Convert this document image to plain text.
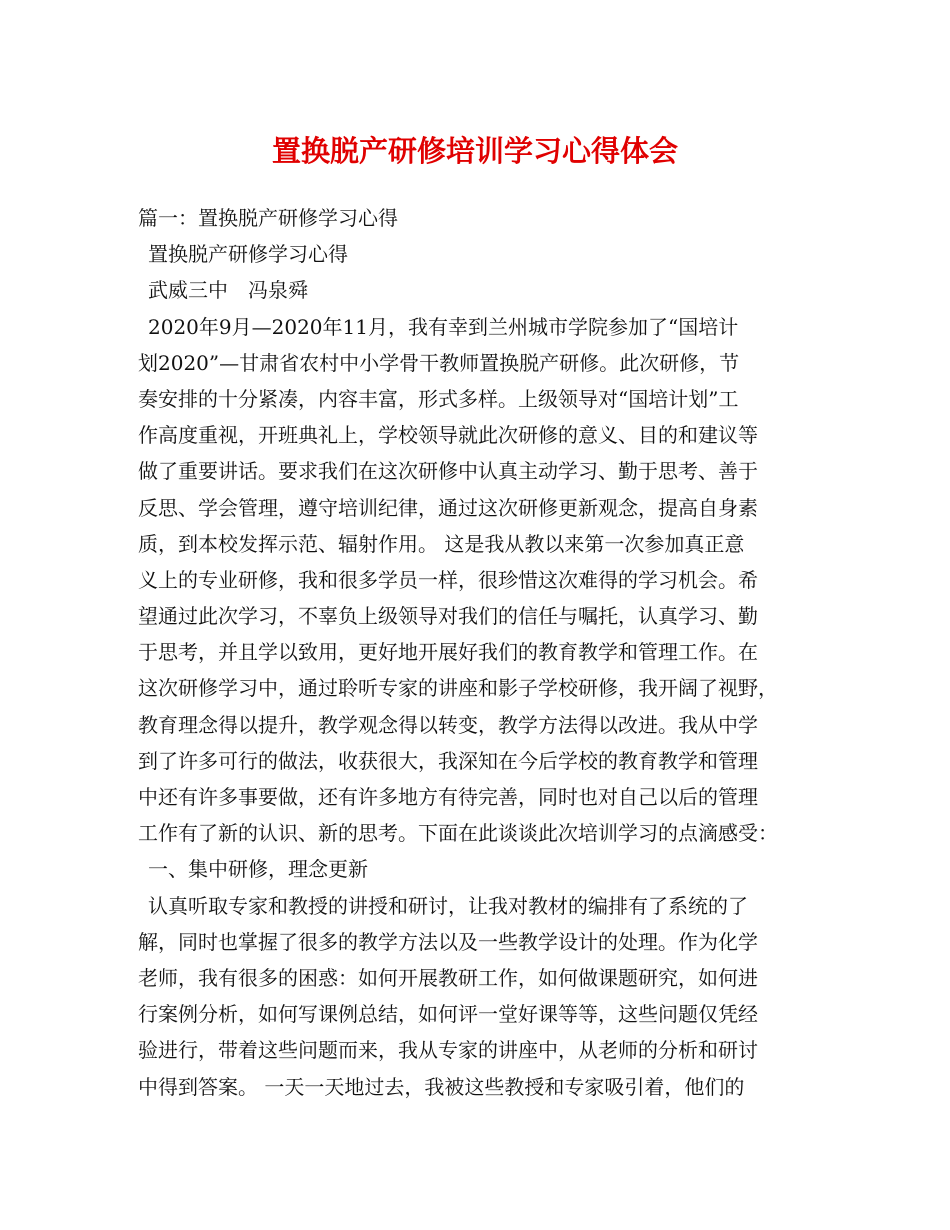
置换脱产研修培训学习心得体会

篇一：置换脱产研修学习心得

置换脱产研修学习心得

武威三中　冯泉舜

2020年9月—2020年11月，我有幸到兰州城市学院参加了“国培计

划2020”—甘肃省农村中小学骨干教师置换脱产研修。此次研修，节

奏安排的十分紧凑，内容丰富，形式多样。上级领导对“国培计划”工

作高度重视，开班典礼上，学校领导就此次研修的意义、目的和建议等

做了重要讲话。要求我们在这次研修中认真主动学习、勤于思考、善于

反思、学会管理，遵守培训纪律，通过这次研修更新观念，提高自身素

质，到本校发挥示范、辐射作用。 这是我从教以来第一次参加真正意

义上的专业研修，我和很多学员一样，很珍惜这次难得的学习机会。希

望通过此次学习，不辜负上级领导对我们的信任与嘱托，认真学习、勤

于思考，并且学以致用，更好地开展好我们的教育教学和管理工作。在

这次研修学习中，通过聆听专家的讲座和影子学校研修，我开阔了视野，

教育理念得以提升，教学观念得以转变，教学方法得以改进。我从中学

到了许多可行的做法，收获很大，我深知在今后学校的教育教学和管理

中还有许多事要做，还有许多地方有待完善，同时也对自己以后的管理

工作有了新的认识、新的思考。下面在此谈谈此次培训学习的点滴感受：

一、集中研修，理念更新

认真听取专家和教授的讲授和研讨，让我对教材的编排有了系统的了

解，同时也掌握了很多的教学方法以及一些教学设计的处理。作为化学

老师，我有很多的困惑：如何开展教研工作，如何做课题研究，如何进

行案例分析，如何写课例总结，如何评一堂好课等等，这些问题仅凭经

验进行，带着这些问题而来，我从专家的讲座中，从老师的分析和研讨

中得到答案。 一天一天地过去，我被这些教授和专家吸引着，他们的
